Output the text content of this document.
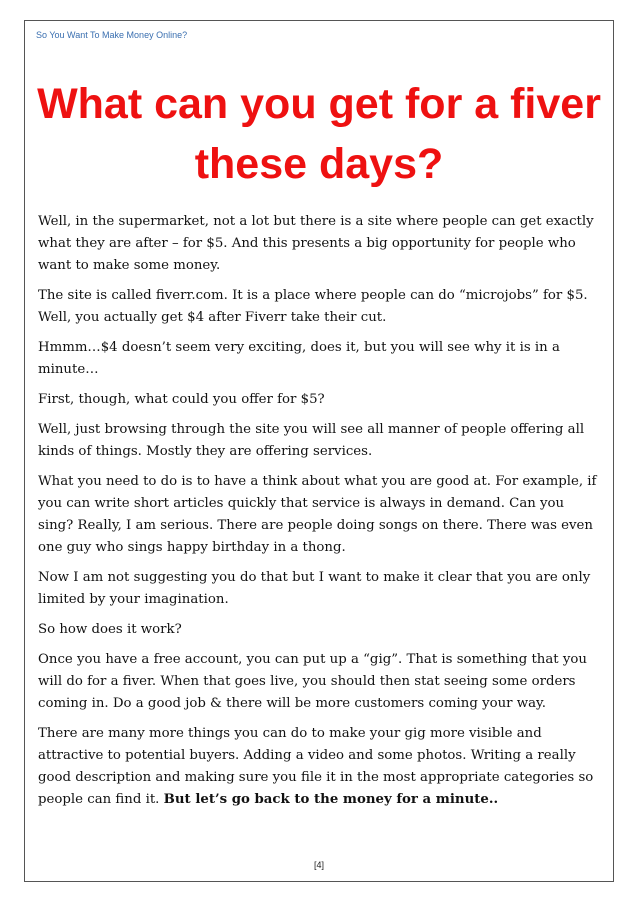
So You Want To Make Money Online?

What can you get for a fiver these days?

Well, in the supermarket, not a lot but there is a site where people can get exactly what they are after – for $5. And this presents a big opportunity for people who want to make some money.

The site is called fiverr.com. It is a place where people can do “microjobs” for $5. Well, you actually get $4 after Fiverr take their cut.

Hmmm…$4 doesn’t seem very exciting, does it, but you will see why it is in a minute…

First, though, what could you offer for $5?

Well, just browsing through the site you will see all manner of people offering all kinds of things. Mostly they are offering services.

What you need to do is to have a think about what you are good at. For example, if you can write short articles quickly that service is always in demand. Can you sing? Really, I am serious. There are people doing songs on there. There was even one guy who sings happy birthday in a thong.

Now I am not suggesting you do that but I want to make it clear that you are only limited by your imagination.

So how does it work?

Once you have a free account, you can put up a “gig”. That is something that you will do for a fiver. When that goes live, you should then stat seeing some orders coming in. Do a good job & there will be more customers coming your way.

There are many more things you can do to make your gig more visible and attractive to potential buyers. Adding a video and some photos. Writing a really good description and making sure you file it in the most appropriate categories so people can find it. But let’s go back to the money for a minute..

[4]
